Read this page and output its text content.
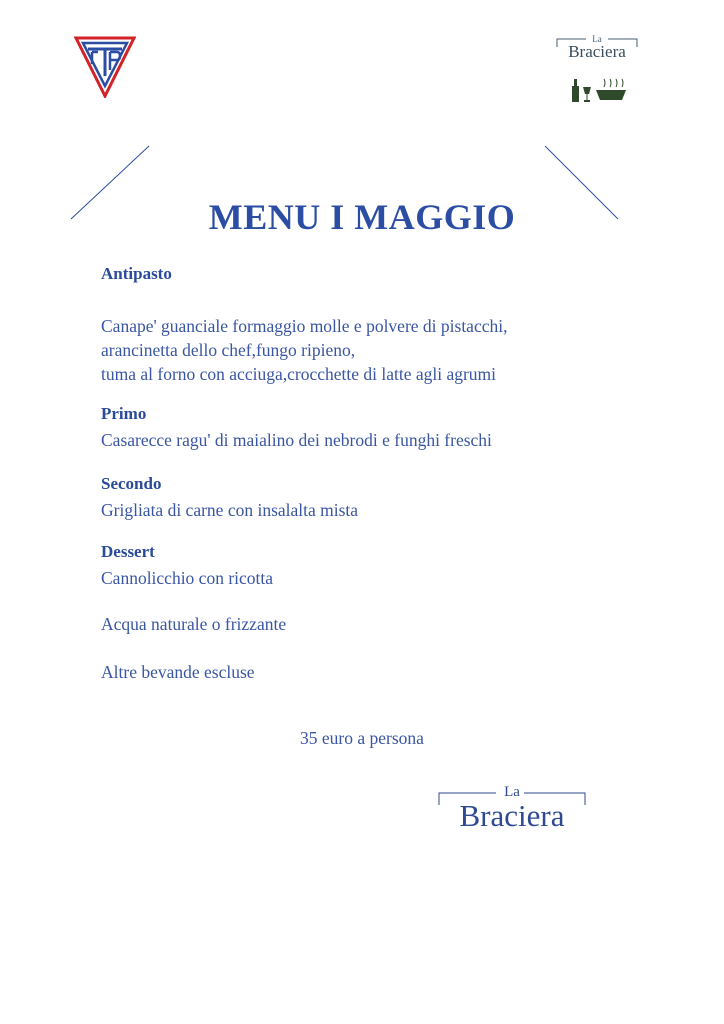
La
Braciera
MENU I MAGGIO
Antipasto
Canape' guanciale formaggio molle e polvere di pistacchi,
arancinetta dello chef,fungo ripieno,
tuma al forno con acciuga,crocchette di latte agli agrumi
Primo
Casarecce ragu' di maialino dei nebrodi e funghi freschi
Secondo
Grigliata di carne con insalalta mista
Dessert
Cannolicchio con ricotta
Acqua naturale o frizzante
Altre bevande escluse
35 euro a persona
La
Braciera
